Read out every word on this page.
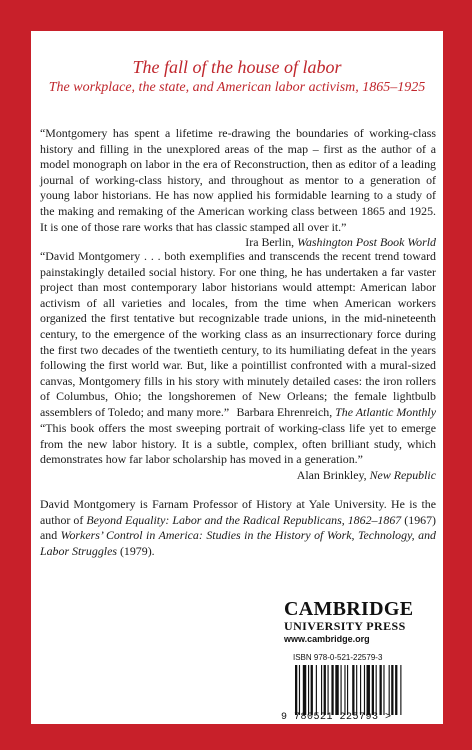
The fall of the house of labor
The workplace, the state, and American labor activism, 1865–1925

“Montgomery has spent a lifetime re-drawing the boundaries of working-class history and filling in the unexplored areas of the map – first as the author of a model monograph on labor in the era of Reconstruction, then as editor of a leading journal of working-class history, and throughout as mentor to a generation of young labor historians. He has now applied his formidable learning to a study of the making and remaking of the American working class between 1865 and 1925. It is one of those rare works that has classic stamped all over it.”
Ira Berlin, Washington Post Book World

“David Montgomery . . . both exemplifies and transcends the recent trend toward painstakingly detailed social history. For one thing, he has undertaken a far vaster project than most contemporary labor historians would attempt: American labor activism of all varieties and locales, from the time when American workers organized the first tentative but recognizable trade unions, in the mid-nineteenth century, to the emergence of the working class as an insurrectionary force during the first two decades of the twentieth century, to its humiliating defeat in the years following the first world war. But, like a pointillist confronted with a mural-sized canvas, Montgomery fills in his story with minutely detailed cases: the iron rollers of Columbus, Ohio; the longshoremen of New Orleans; the female lightbulb assemblers of Toledo; and many more.” Barbara Ehrenreich, The Atlantic Monthly

“This book offers the most sweeping portrait of working-class life yet to emerge from the new labor history. It is a subtle, complex, often brilliant study, which demonstrates how far labor scholarship has moved in a generation.”
Alan Brinkley, New Republic

David Montgomery is Farnam Professor of History at Yale University. He is the author of Beyond Equality: Labor and the Radical Republicans, 1862–1867 (1967) and Workers’ Control in America: Studies in the History of Work, Technology, and Labor Struggles (1979).

CAMBRIDGE
UNIVERSITY PRESS
www.cambridge.org
ISBN 978-0-521-22579-3
9 780521 225793 >
